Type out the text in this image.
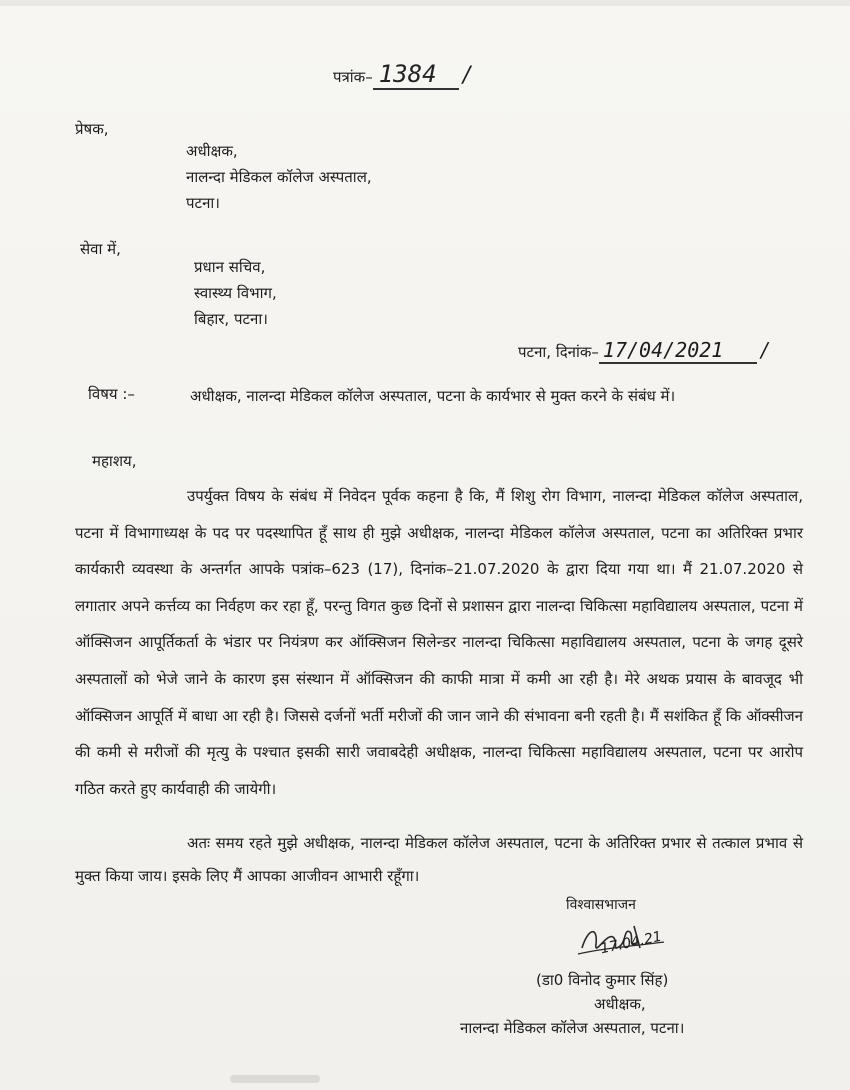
पत्रांक– 1384 /
प्रेषक,
अधीक्षक,
नालन्दा मेडिकल कॉलेज अस्पताल,
पटना।
सेवा में,
प्रधान सचिव,
स्वास्थ्य विभाग,
बिहार, पटना।
पटना, दिनांक– 17/04/2021 /
विषय :–	अधीक्षक, नालन्दा मेडिकल कॉलेज अस्पताल, पटना के कार्यभार से मुक्त करने के संबंध में।
महाशय,
उपर्युक्त विषय के संबंध में निवेदन पूर्वक कहना है कि, मैं शिशु रोग विभाग, नालन्दा मेडिकल कॉलेज अस्पताल, पटना में विभागाध्यक्ष के पद पर पदस्थापित हूँ साथ ही मुझे अधीक्षक, नालन्दा मेडिकल कॉलेज अस्पताल, पटना का अतिरिक्त प्रभार कार्यकारी व्यवस्था के अन्तर्गत आपके पत्रांक–623 (17), दिनांक–21.07.2020 के द्वारा दिया गया था। मैं 21.07.2020 से लगातार अपने कर्त्तव्य का निर्वहण कर रहा हूँ, परन्तु विगत कुछ दिनों से प्रशासन द्वारा नालन्दा चिकित्सा महाविद्यालय अस्पताल, पटना में ऑक्सिजन आपूर्तिकर्ता के भंडार पर नियंत्रण कर ऑक्सिजन सिलेन्डर नालन्दा चिकित्सा महाविद्यालय अस्पताल, पटना के जगह दूसरे अस्पतालों को भेजे जाने के कारण इस संस्थान में ऑक्सिजन की काफी मात्रा में कमी आ रही है। मेरे अथक प्रयास के बावजूद भी ऑक्सिजन आपूर्ति में बाधा आ रही है। जिससे दर्जनों भर्ती मरीजों की जान जाने की संभावना बनी रहती है। मैं सशंकित हूँ कि ऑक्सीजन की कमी से मरीजों की मृत्यु के पश्चात इसकी सारी जवाबदेही अधीक्षक, नालन्दा चिकित्सा महाविद्यालय अस्पताल, पटना पर आरोप गठित करते हुए कार्यवाही की जायेगी।
अतः समय रहते मुझे अधीक्षक, नालन्दा मेडिकल कॉलेज अस्पताल, पटना के अतिरिक्त प्रभार से तत्काल प्रभाव से मुक्त किया जाय। इसके लिए मैं आपका आजीवन आभारी रहूँगा।
विश्वासभाजन
17.04.21
(डा0 विनोद कुमार सिंह)
अधीक्षक,
नालन्दा मेडिकल कॉलेज अस्पताल, पटना।
